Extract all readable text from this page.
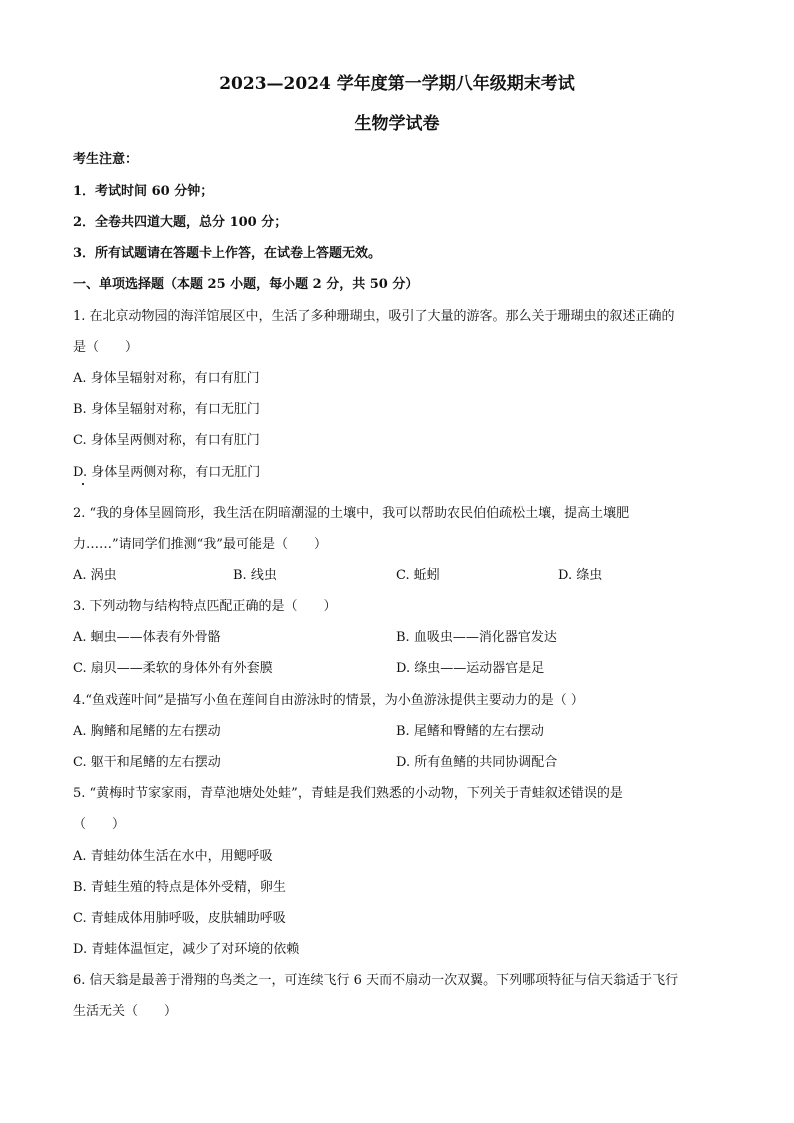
2023—2024 学年度第一学期八年级期末考试
生物学试卷
考生注意：
1．考试时间 60 分钟；
2．全卷共四道大题，总分 100 分；
3．所有试题请在答题卡上作答，在试卷上答题无效。
一、单项选择题（本题 25 小题，每小题 2 分，共 50 分）
1. 在北京动物园的海洋馆展区中，生活了多种珊瑚虫，吸引了大量的游客。那么关于珊瑚虫的叙述正确的
是（　　）
A. 身体呈辐射对称，有口有肛门
B. 身体呈辐射对称，有口无肛门
C. 身体呈两侧对称，有口有肛门
D. 身体呈两侧对称，有口无肛门
2. “我的身体呈圆筒形，我生活在阴暗潮湿的土壤中，我可以帮助农民伯伯疏松土壤，提高土壤肥
力……”请同学们推测“我”最可能是（　　）
A. 涡虫	B. 线虫	C. 蚯蚓	D. 绦虫
3. 下列动物与结构特点匹配正确的是（　　）
A. 蛔虫——体表有外骨骼	B. 血吸虫——消化器官发达
C. 扇贝——柔软的身体外有外套膜	D. 绦虫——运动器官是足
4.“鱼戏莲叶间”是描写小鱼在莲间自由游泳时的情景，为小鱼游泳提供主要动力的是（ ）
A. 胸鳍和尾鳍的左右摆动	B. 尾鳍和臀鳍的左右摆动
C. 躯干和尾鳍的左右摆动	D. 所有鱼鳍的共同协调配合
5. “黄梅时节家家雨，青草池塘处处蛙”，青蛙是我们熟悉的小动物，下列关于青蛙叙述错误的是
（　　）
A. 青蛙幼体生活在水中，用鳃呼吸
B. 青蛙生殖的特点是体外受精，卵生
C. 青蛙成体用肺呼吸，皮肤辅助呼吸
D. 青蛙体温恒定，减少了对环境的依赖
6. 信天翁是最善于滑翔的鸟类之一，可连续飞行 6 天而不扇动一次双翼。下列哪项特征与信天翁适于飞行
生活无关（　　）
